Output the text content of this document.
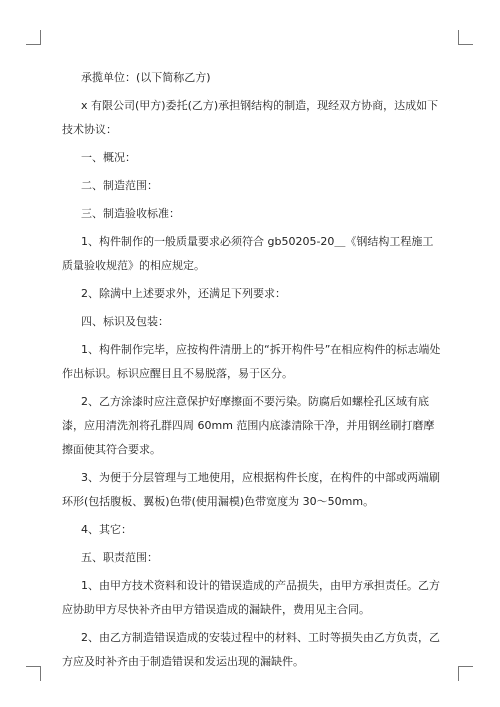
承揽单位：(以下简称乙方)

x 有限公司(甲方)委托(乙方)承担钢结构的制造，现经双方协商，达成如下技术协议：

一、概况：

二、制造范围：

三、制造验收标准：

1、构件制作的一般质量要求必须符合 gb50205-20＿《钢结构工程施工质量验收规范》的相应规定。

2、除满中上述要求外，还满足下列要求：

四、标识及包装：

1、构件制作完毕，应按构件清册上的“拆开构件号”在相应构件的标志端处作出标识。标识应醒目且不易脱落，易于区分。

2、乙方涂漆时应注意保护好摩擦面不要污染。防腐后如螺栓孔区域有底漆，应用清洗剂将孔群四周 60mm 范围内底漆清除干净，并用钢丝刷打磨摩擦面使其符合要求。

3、为便于分层管理与工地使用，应根据构件长度，在构件的中部或两端刷环形(包括腹板、翼板)色带(使用漏模)色带宽度为 30～50mm。

4、其它：

五、职责范围：

1、由甲方技术资料和设计的错误造成的产品损失，由甲方承担责任。乙方应协助甲方尽快补齐由甲方错误造成的漏缺件，费用见主合同。

2、由乙方制造错误造成的安装过程中的材料、工时等损失由乙方负责，乙方应及时补齐由于制造错误和发运出现的漏缺件。
